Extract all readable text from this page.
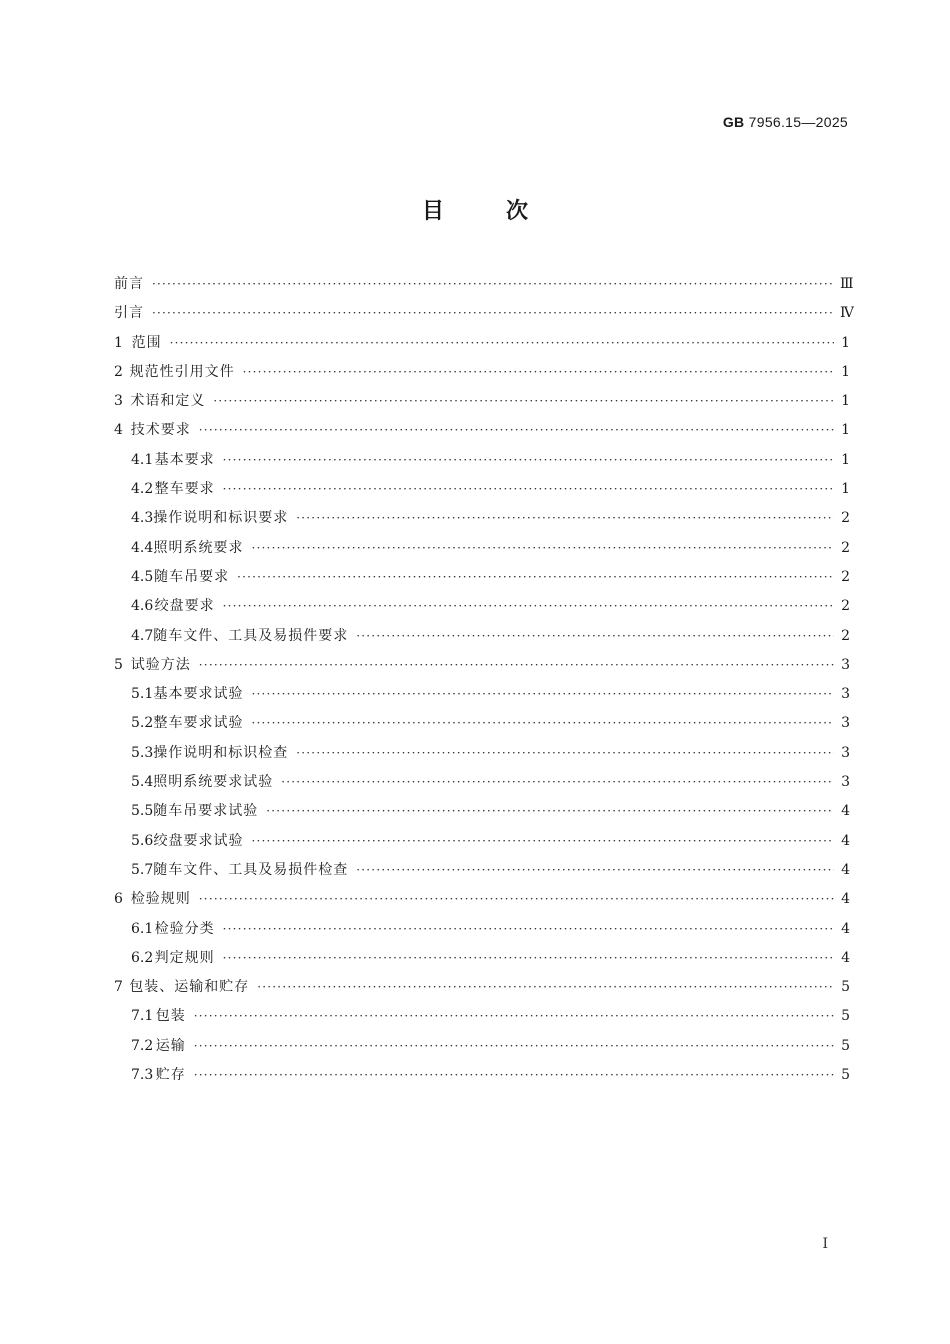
GB 7956.15—2025
目次
前言 ·····	Ⅲ
引言 ·····	Ⅳ
1 范围 ·····	1
2 规范性引用文件 ·····	1
3 术语和定义 ·····	1
4 技术要求 ·····	1
4.1 基本要求 ·····	1
4.2 整车要求 ·····	1
4.3 操作说明和标识要求 ·····	2
4.4 照明系统要求 ·····	2
4.5 随车吊要求 ·····	2
4.6 绞盘要求 ·····	2
4.7 随车文件、工具及易损件要求 ·····	2
5 试验方法 ·····	3
5.1 基本要求试验 ·····	3
5.2 整车要求试验 ·····	3
5.3 操作说明和标识检查 ·····	3
5.4 照明系统要求试验 ·····	3
5.5 随车吊要求试验 ·····	4
5.6 绞盘要求试验 ·····	4
5.7 随车文件、工具及易损件检查 ·····	4
6 检验规则 ·····	4
6.1 检验分类 ·····	4
6.2 判定规则 ·····	4
7 包装、运输和贮存 ·····	5
7.1 包装 ·····	5
7.2 运输 ·····	5
7.3 贮存 ·····	5
Ⅰ
